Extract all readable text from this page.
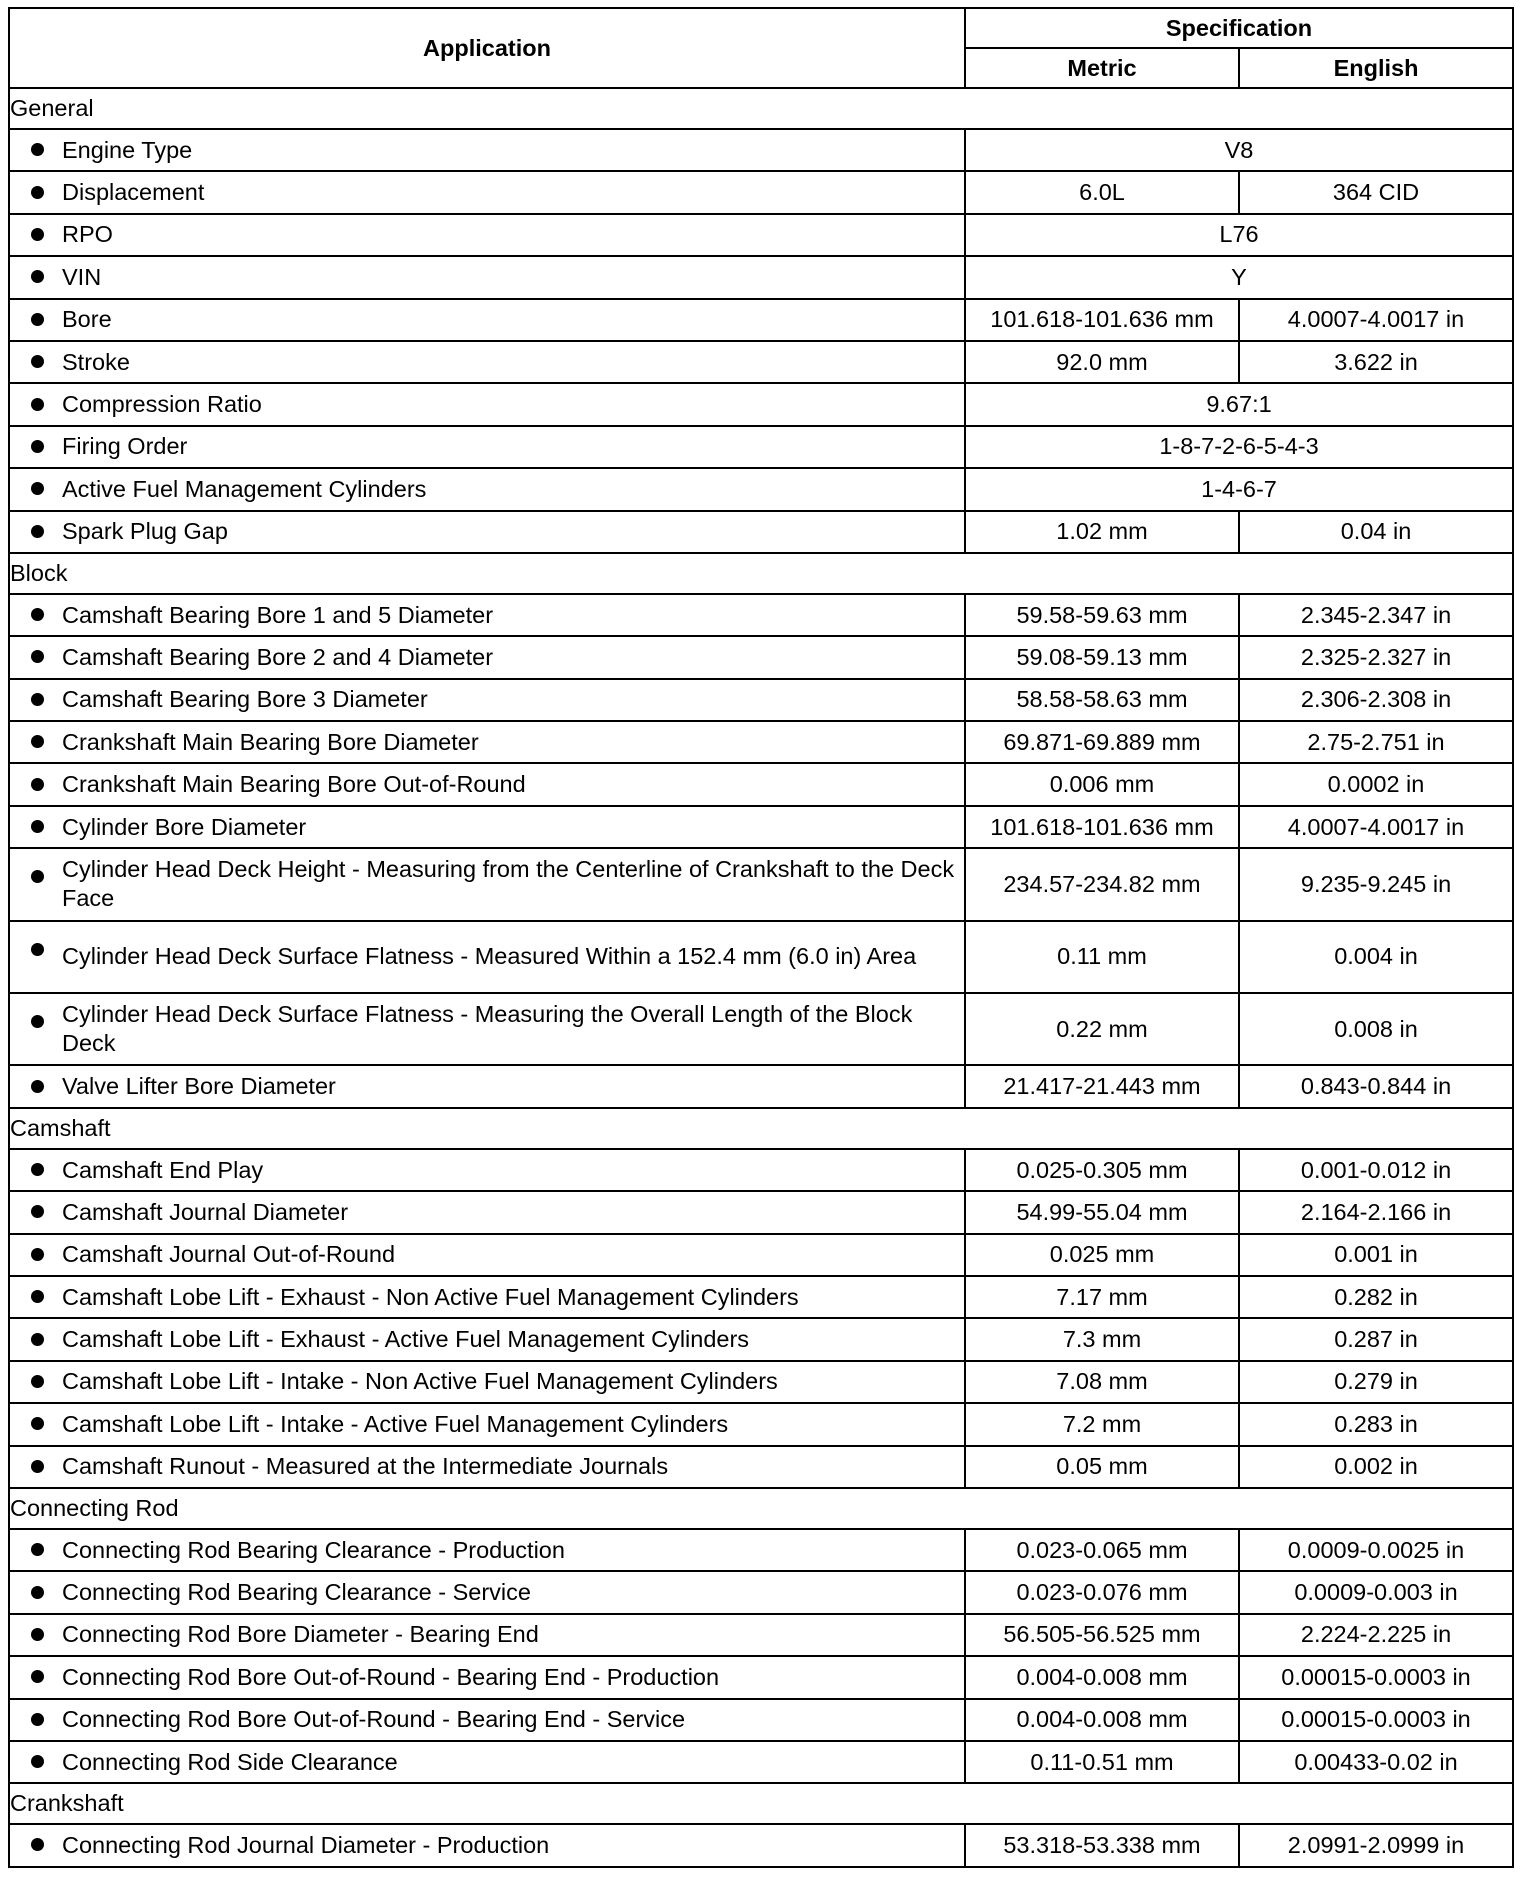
Application	Specification	
	Metric	English
General		

Engine Type	V8	

Displacement	6.0L	364 CID

RPO	L76	

VIN	Y	

Bore	101.618-101.636 mm	4.0007-4.0017 in

Stroke	92.0 mm	3.622 in

Compression Ratio	9.67:1	

Firing Order	1-8-7-2-6-5-4-3	

Active Fuel Management Cylinders	1-4-6-7	

Spark Plug Gap	1.02 mm	0.04 in
Block		

Camshaft Bearing Bore 1 and 5 Diameter	59.58-59.63 mm	2.345-2.347 in

Camshaft Bearing Bore 2 and 4 Diameter	59.08-59.13 mm	2.325-2.327 in

Camshaft Bearing Bore 3 Diameter	58.58-58.63 mm	2.306-2.308 in

Crankshaft Main Bearing Bore Diameter	69.871-69.889 mm	2.75-2.751 in

Crankshaft Main Bearing Bore Out-of-Round	0.006 mm	0.0002 in

Cylinder Bore Diameter	101.618-101.636 mm	4.0007-4.0017 in

Cylinder Head Deck Height - Measuring from the Centerline of Crankshaft to the Deck Face	234.57-234.82 mm	9.235-9.245 in

Cylinder Head Deck Surface Flatness - Measured Within a 152.4 mm (6.0 in) Area	0.11 mm	0.004 in

Cylinder Head Deck Surface Flatness - Measuring the Overall Length of the Block Deck	0.22 mm	0.008 in

Valve Lifter Bore Diameter	21.417-21.443 mm	0.843-0.844 in
Camshaft		

Camshaft End Play	0.025-0.305 mm	0.001-0.012 in

Camshaft Journal Diameter	54.99-55.04 mm	2.164-2.166 in

Camshaft Journal Out-of-Round	0.025 mm	0.001 in

Camshaft Lobe Lift - Exhaust - Non Active Fuel Management Cylinders	7.17 mm	0.282 in

Camshaft Lobe Lift - Exhaust - Active Fuel Management Cylinders	7.3 mm	0.287 in

Camshaft Lobe Lift - Intake - Non Active Fuel Management Cylinders	7.08 mm	0.279 in

Camshaft Lobe Lift - Intake - Active Fuel Management Cylinders	7.2 mm	0.283 in

Camshaft Runout - Measured at the Intermediate Journals	0.05 mm	0.002 in
Connecting Rod		

Connecting Rod Bearing Clearance - Production	0.023-0.065 mm	0.0009-0.0025 in

Connecting Rod Bearing Clearance - Service	0.023-0.076 mm	0.0009-0.003 in

Connecting Rod Bore Diameter - Bearing End	56.505-56.525 mm	2.224-2.225 in

Connecting Rod Bore Out-of-Round - Bearing End - Production	0.004-0.008 mm	0.00015-0.0003 in

Connecting Rod Bore Out-of-Round - Bearing End - Service	0.004-0.008 mm	0.00015-0.0003 in

Connecting Rod Side Clearance	0.11-0.51 mm	0.00433-0.02 in
Crankshaft		

Connecting Rod Journal Diameter - Production	53.318-53.338 mm	2.0991-2.0999 in
